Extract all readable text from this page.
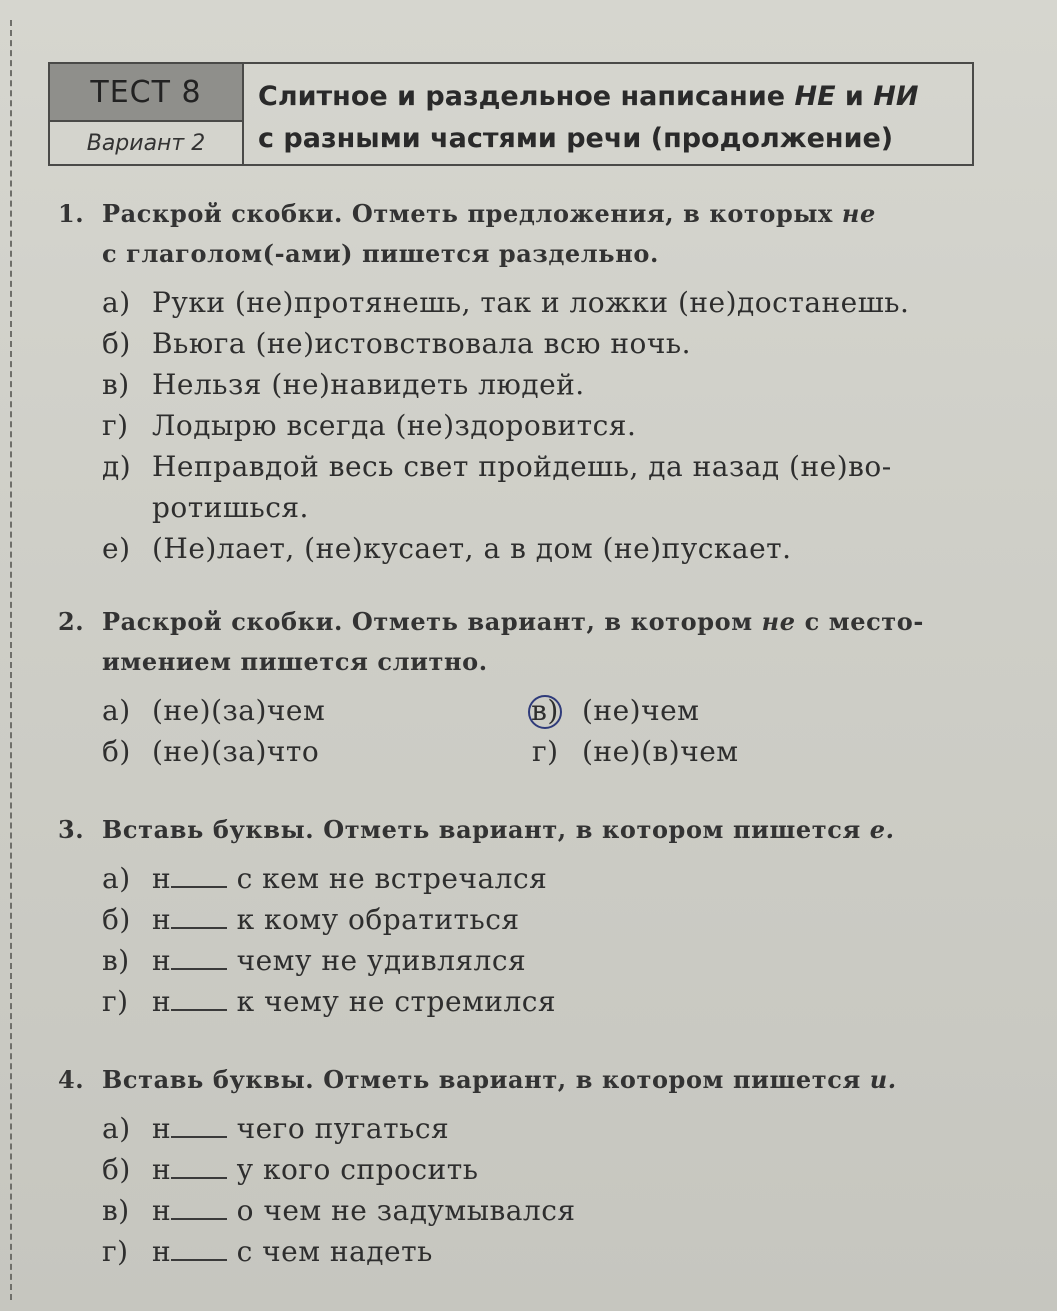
ТЕСТ 8
Вариант 2
Слитное и раздельное написание НЕ и НИ
с разными частями речи (продолжение)
1. Раскрой скобки. Отметь предложения, в которых не
с глаголом(-ами) пишется раздельно.
а) Руки (не)протянешь, так и ложки (не)достанешь.
б) Вьюга (не)истовствовала всю ночь.
в) Нельзя (не)навидеть людей.
г) Лодырю всегда (не)здоровится.
д) Неправдой весь свет пройдешь, да назад (не)во-
ротишься.
е) (Не)лает, (не)кусает, а в дом (не)пускает.
2. Раскрой скобки. Отметь вариант, в котором не с место-
имением пишется слитно.
а) (не)(за)чем	в) (не)чем
б) (не)(за)что	г) (не)(в)чем
3. Вставь буквы. Отметь вариант, в котором пишется е.
а) н с кем не встречался
б) н к кому обратиться
в) н чему не удивлялся
г) н к чему не стремился
4. Вставь буквы. Отметь вариант, в котором пишется и.
а) н чего пугаться
б) н у кого спросить
в) н о чем не задумывался
г) н с чем надеть
